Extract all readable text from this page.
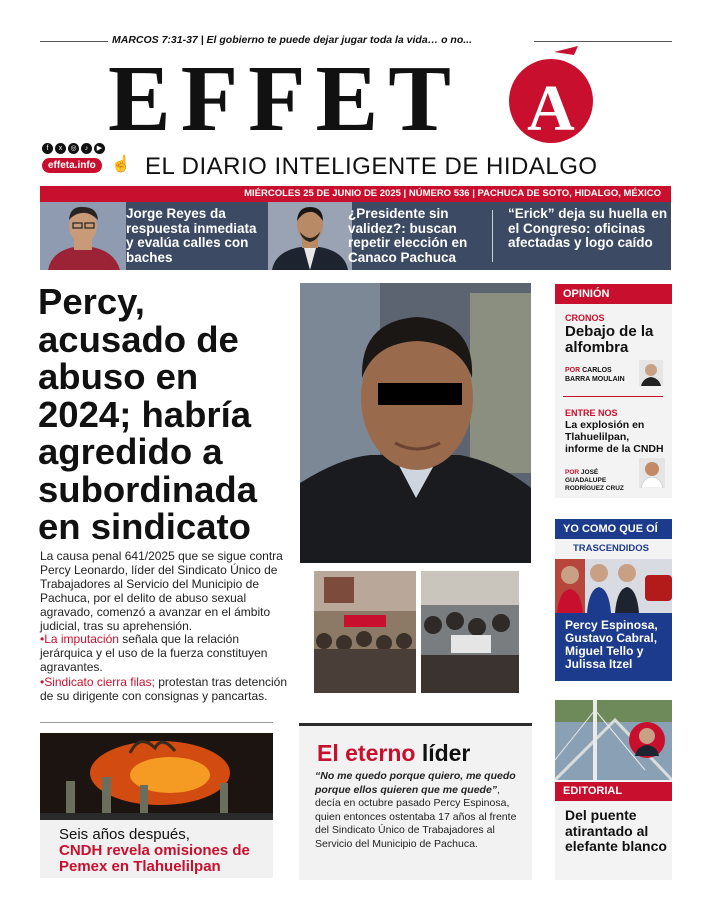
MARCOS 7:31-37 | El gobierno te puede dejar jugar toda la vida… o no...
EFFET A
f	x	◎	♪	▶
effeta.info ☝ EL DIARIO INTELIGENTE DE HIDALGO
MIÉRCOLES 25 DE JUNIO DE 2025 | NÚMERO 536 | PACHUCA DE SOTO, HIDALGO, MÉXICO
Jorge Reyes da respuesta inmediata y evalúa calles con baches
¿Presidente sin validez?: buscan repetir elección en Canaco Pachuca
“Erick” deja su huella en el Congreso: oficinas afectadas y logo caído
Percy, acusado de abuso en 2024; habría agredido a subordinada en sindicato
La causa penal 641/2025 que se sigue contra Percy Leonardo, líder del Sindicato Único de Trabajadores al Servicio del Municipio de Pachuca, por el delito de abuso sexual agravado, comenzó a avanzar en el ámbito judicial, tras su aprehensión.
•La imputación señala que la relación jerárquica y el uso de la fuerza constituyen agravantes.
•Sindicato cierra filas; protestan tras detención de su dirigente con consignas y pancartas.
Seis años después,
CNDH revela omisiones de Pemex en Tlahuelilpan
El eterno líder
“No me quedo porque quiero, me quedo porque ellos quieren que me quede”, decía en octubre pasado Percy Espinosa, quien entonces ostentaba 17 años al frente del Sindicato Único de Trabajadores al Servicio del Municipio de Pachuca.
OPINIÓN
CRONOS
Debajo de la alfombra
POR CARLOS BARRA MOULAIN
ENTRE NOS
La explosión en Tlahuelilpan, informe de la CNDH
POR JOSÉ GUADALUPE RODRÍGUEZ CRUZ
YO COMO QUE OÍ
TRASCENDIDOS
Percy Espinosa, Gustavo Cabral, Miguel Tello y Julissa Itzel
EDITORIAL
Del puente atirantado al elefante blanco
